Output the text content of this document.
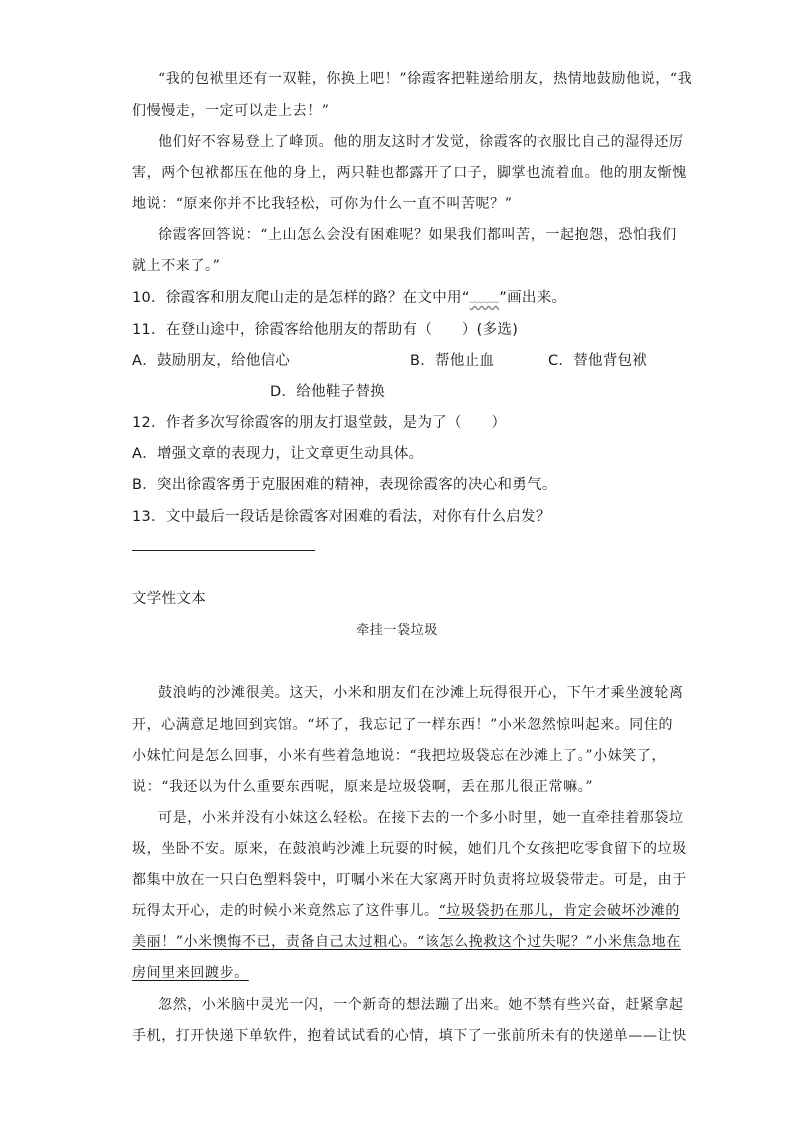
“我的包袱里还有一双鞋，你换上吧！”徐霞客把鞋递给朋友，热情地鼓励他说，“我

们慢慢走，一定可以走上去！”

他们好不容易登上了峰顶。他的朋友这时才发觉，徐霞客的衣服比自己的湿得还厉

害，两个包袱都压在他的身上，两只鞋也都露开了口子，脚掌也流着血。他的朋友惭愧

地说：“原来你并不比我轻松，可你为什么一直不叫苦呢？”

徐霞客回答说：“上山怎么会没有困难呢？如果我们都叫苦，一起抱怨，恐怕我们

就上不来了。”

10．徐霞客和朋友爬山走的是怎样的路？在文中用“﹏﹏”画出来。

11．在登山途中，徐霞客给他朋友的帮助有（　　）(多选)

A．鼓励朋友，给他信心	B．帮他止血	C．替他背包袱

D．给他鞋子替换

12．作者多次写徐霞客的朋友打退堂鼓，是为了（　　）

A．增强文章的表现力，让文章更生动具体。

B．突出徐霞客勇于克服困难的精神，表现徐霞客的决心和勇气。

13．文中最后一段话是徐霞客对困难的看法，对你有什么启发？

文学性文本

牵挂一袋垃圾

鼓浪屿的沙滩很美。这天，小米和朋友们在沙滩上玩得很开心，下午才乘坐渡轮离

开，心满意足地回到宾馆。“坏了，我忘记了一样东西！”小米忽然惊叫起来。同住的

小妹忙问是怎么回事，小米有些着急地说：“我把垃圾袋忘在沙滩上了。”小妹笑了，

说：“我还以为什么重要东西呢，原来是垃圾袋啊，丢在那儿很正常嘛。”

可是，小米并没有小妹这么轻松。在接下去的一个多小时里，她一直牵挂着那袋垃

圾，坐卧不安。原来，在鼓浪屿沙滩上玩耍的时候，她们几个女孩把吃零食留下的垃圾

都集中放在一只白色塑料袋中，叮嘱小米在大家离开时负责将垃圾袋带走。可是，由于

玩得太开心，走的时候小米竟然忘了这件事儿。“垃圾袋扔在那儿，肯定会破坏沙滩的

美丽！”小米懊悔不已，责备自己太过粗心。“该怎么挽救这个过失呢？”小米焦急地在

房间里来回踱步。

忽然，小米脑中灵光一闪，一个新奇的想法蹦了出来。她不禁有些兴奋，赶紧拿起

手机，打开快递下单软件，抱着试试看的心情，填下了一张前所未有的快递单——让快
